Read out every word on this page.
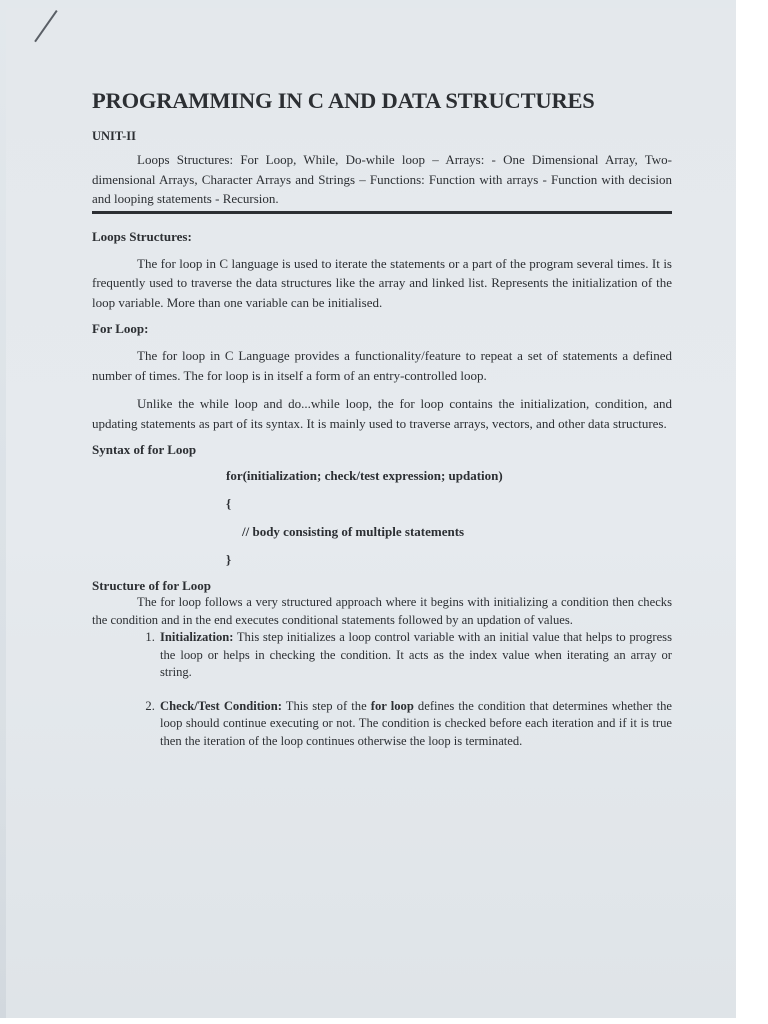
PROGRAMMING IN C AND DATA STRUCTURES
UNIT-II

Loops Structures: For Loop, While, Do-while loop – Arrays: - One Dimensional Array, Two-dimensional Arrays, Character Arrays and Strings – Functions: Function with arrays - Function with decision and looping statements - Recursion.

Loops Structures:

The for loop in C language is used to iterate the statements or a part of the program several times. It is frequently used to traverse the data structures like the array and linked list. Represents the initialization of the loop variable. More than one variable can be initialised.

For Loop:

The for loop in C Language provides a functionality/feature to repeat a set of statements a defined number of times. The for loop is in itself a form of an entry-controlled loop.

Unlike the while loop and do...while loop, the for loop contains the initialization, condition, and updating statements as part of its syntax. It is mainly used to traverse arrays, vectors, and other data structures.

Syntax of for Loop
for(initialization; check/test expression; updation)
{
// body consisting of multiple statements
}
Structure of for Loop

The for loop follows a very structured approach where it begins with initializing a condition then checks the condition and in the end executes conditional statements followed by an updation of values.

1. Initialization: This step initializes a loop control variable with an initial value that helps to progress the loop or helps in checking the condition. It acts as the index value when iterating an array or string.
2. Check/Test Condition: This step of the for loop defines the condition that determines whether the loop should continue executing or not. The condition is checked before each iteration and if it is true then the iteration of the loop continues otherwise the loop is terminated.
